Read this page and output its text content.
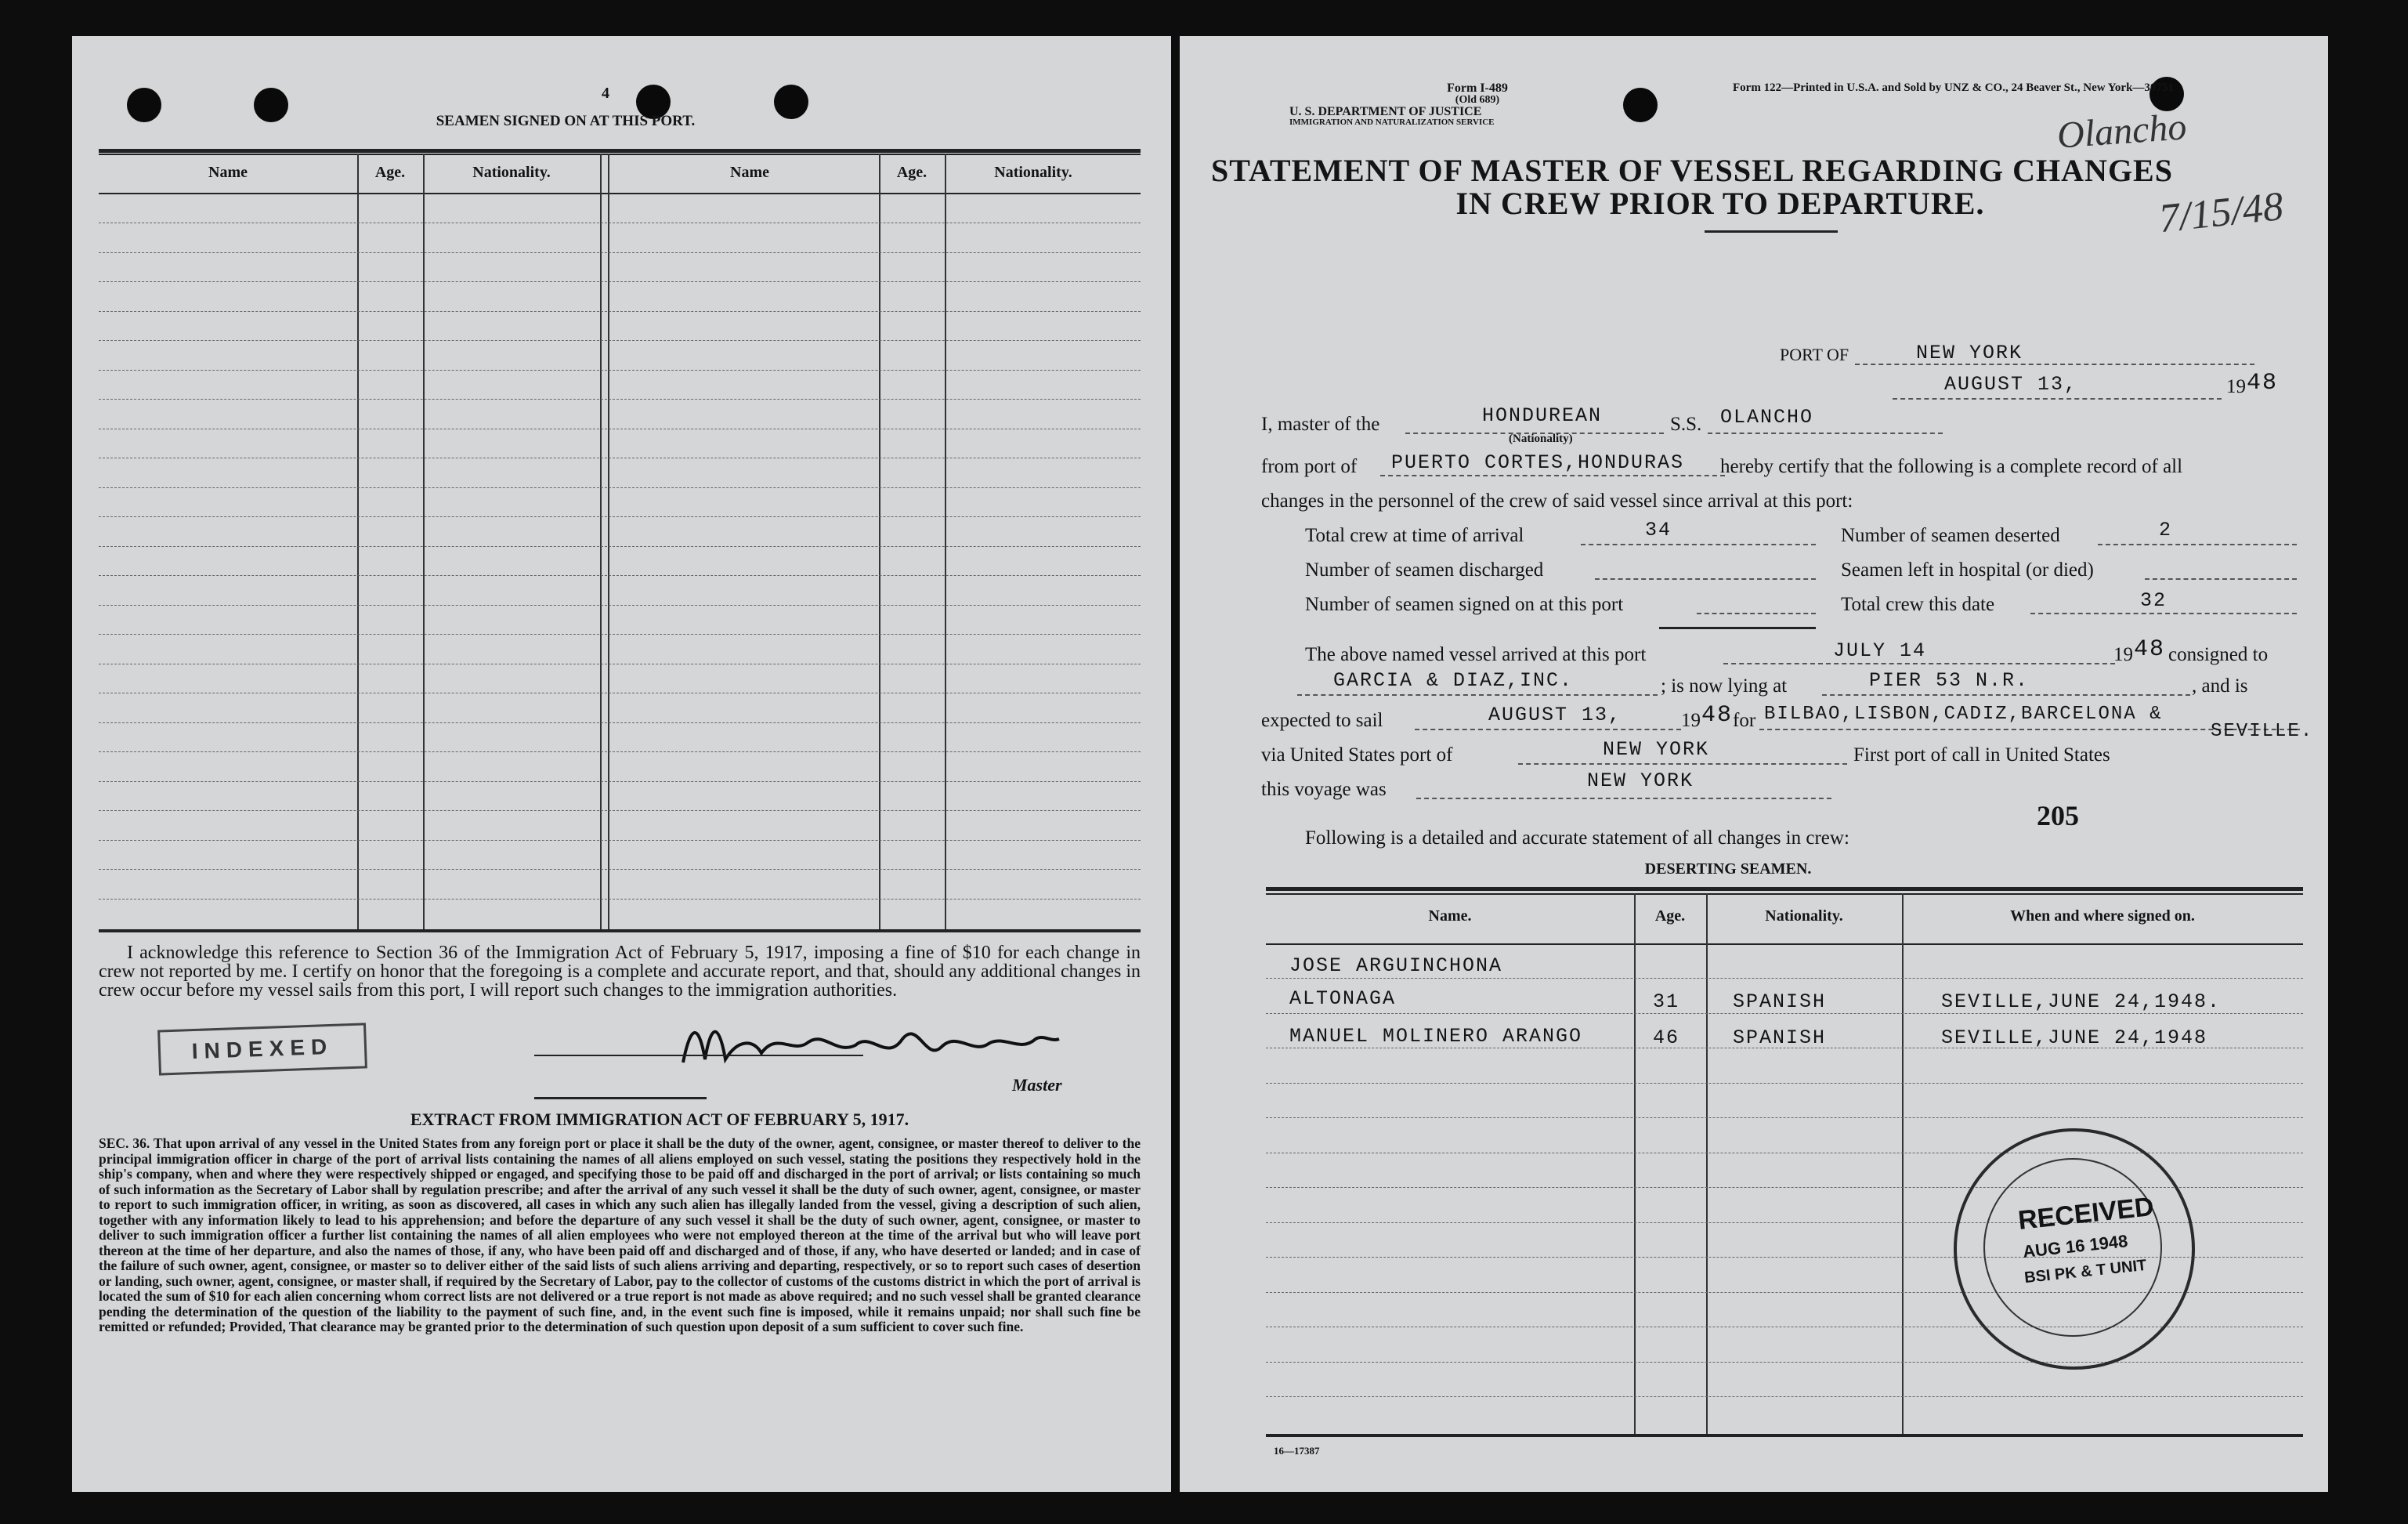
4
SEAMEN SIGNED ON AT THIS PORT.
Name	Age.	Nationality.	Name	Age.	Nationality.
I acknowledge this reference to Section 36 of the Immigration Act of February 5, 1917, imposing a fine of $10 for each change in crew not reported by me. I certify on honor that the foregoing is a complete and accurate report, and that, should any additional changes in crew occur before my vessel sails from this port, I will report such changes to the immigration authorities.
Master
INDEXED
EXTRACT FROM IMMIGRATION ACT OF FEBRUARY 5, 1917.
SEC. 36. That upon arrival of any vessel in the United States from any foreign port or place it shall be the duty of the owner, agent, consignee, or master thereof to deliver to the principal immigration officer in charge of the port of arrival lists containing the names of all aliens employed on such vessel, stating the positions they respectively hold in the ship's company, when and where they were respectively shipped or engaged, and specifying those to be paid off and discharged in the port of arrival; or lists containing so much of such information as the Secretary of Labor shall by regulation prescribe; and after the arrival of any such vessel it shall be the duty of such owner, agent, consignee, or master to report to such immigration officer, in writing, as soon as discovered, all cases in which any such alien has illegally landed from the vessel, giving a description of such alien, together with any information likely to lead to his apprehension; and before the departure of any such vessel it shall be the duty of such owner, agent, consignee, or master to deliver to such immigration officer a further list containing the names of all alien employees who were not employed thereon at the time of the arrival but who will leave port thereon at the time of her departure, and also the names of those, if any, who have been paid off and discharged and of those, if any, who have deserted or landed; and in case of the failure of such owner, agent, consignee, or master so to deliver either of the said lists of such aliens arriving and departing, respectively, or so to report such cases of desertion or landing, such owner, agent, consignee, or master shall, if required by the Secretary of Labor, pay to the collector of customs of the customs district in which the port of arrival is located the sum of $10 for each alien concerning whom correct lists are not delivered or a true report is not made as above required; and no such vessel shall be granted clearance pending the determination of the question of the liability to the payment of such fine, and, in the event such fine is imposed, while it remains unpaid; nor shall such fine be remitted or refunded; Provided, That clearance may be granted prior to the determination of such question upon deposit of a sum sufficient to cover such fine.
Form I-489
(Old 689)
U. S. DEPARTMENT OF JUSTICE
IMMIGRATION AND NATURALIZATION SERVICE
Form 122—Printed in U.S.A. and Sold by UNZ & CO., 24 Beaver St., New York—30751
STATEMENT OF MASTER OF VESSEL REGARDING CHANGES
IN CREW PRIOR TO DEPARTURE.
Olancho
7/15/48
PORT OF	NEW YORK
AUGUST 13,	19 48
I, master of the	HONDUREAN
(Nationality)
S.S. OLANCHO
from port of PUERTO CORTES,HONDURAS hereby certify that the following is a complete record of all
changes in the personnel of the crew of said vessel since arrival at this port:
Total crew at time of arrival	34	Number of seamen deserted	2
Number of seamen discharged	Seamen left in hospital (or died)
Number of seamen signed on at this port	Total crew this date	32
The above named vessel arrived at this port	JULY 14	19 48 consigned to
GARCIA & DIAZ,INC.	; is now lying at	PIER 53 N.R.	, and is
expected to sail	AUGUST 13,	19 48 for BILBAO,LISBON,CADIZ,BARCELONA &
SEVILLE.
via United States port of	NEW YORK	First port of call in United States
this voyage was	NEW YORK
205
Following is a detailed and accurate statement of all changes in crew:
DESERTING SEAMEN.
Name.	Age.	Nationality.	When and where signed on.
JOSE ARGUINCHONA
ALTONAGA	31	SPANISH	SEVILLE,JUNE 24,1948.
MANUEL MOLINERO ARANGO	46	SPANISH	SEVILLE,JUNE 24,1948
16—17387
RECEIVED
AUG 16 1948
BSI PK & T UNIT
